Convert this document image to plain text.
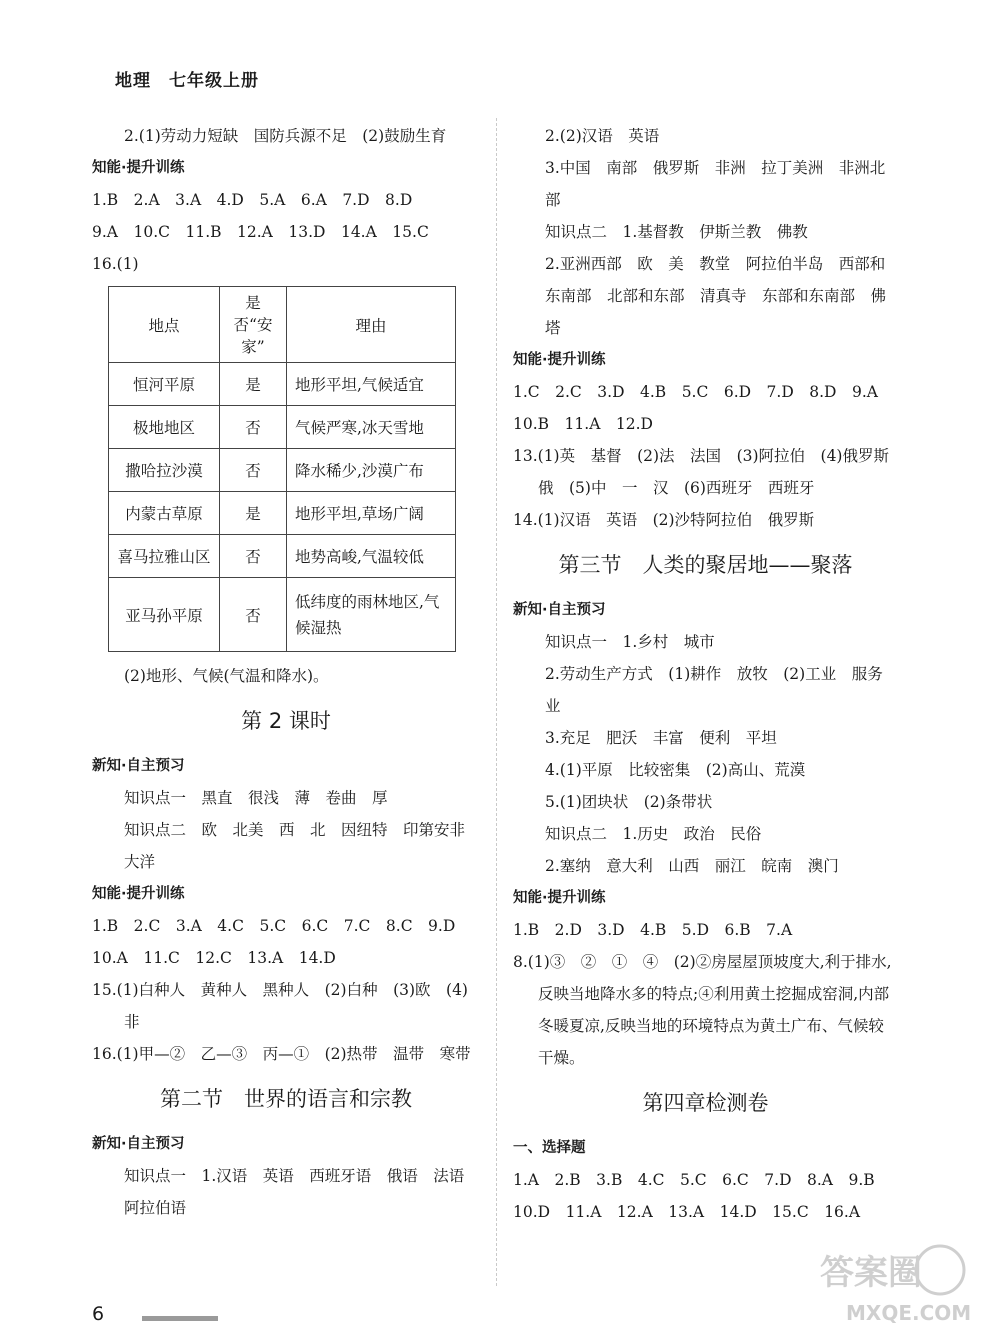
地理　七年级上册
2.(1)劳动力短缺　国防兵源不足　(2)鼓励生育
知能·提升训练
1.B　2.A　3.A　4.D　5.A　6.A　7.D　8.D
9.A　10.C　11.B　12.A　13.D　14.A　15.C
16.(1)
地点	是否“安家”	理由
恒河平原	是	地形平坦,气候适宜
极地地区	否	气候严寒,冰天雪地
撒哈拉沙漠	否	降水稀少,沙漠广布
内蒙古草原	是	地形平坦,草场广阔
喜马拉雅山区	否	地势高峻,气温较低
亚马孙平原	否	低纬度的雨林地区,气候湿热
(2)地形、气候(气温和降水)。
第 2 课时
新知·自主预习
知识点一　黑直　很浅　薄　卷曲　厚
知识点二　欧　北美　西　北　因纽特　印第安非　大洋
知能·提升训练
1.B　2.C　3.A　4.C　5.C　6.C　7.C　8.C　9.D
10.A　11.C　12.C　13.A　14.D
15.(1)白种人　黄种人　黑种人　(2)白种　(3)欧　(4)非
16.(1)甲—②　乙—③　丙—①　(2)热带　温带　寒带
第二节　世界的语言和宗教
新知·自主预习
知识点一　1.汉语　英语　西班牙语　俄语　法语　阿拉伯语
2.(2)汉语　英语
3.中国　南部　俄罗斯　非洲　拉丁美洲　非洲北部
知识点二　1.基督教　伊斯兰教　佛教
2.亚洲西部　欧　美　教堂　阿拉伯半岛　西部和东南部　北部和东部　清真寺　东部和东南部　佛塔
知能·提升训练
1.C　2.C　3.D　4.B　5.C　6.D　7.D　8.D　9.A
10.B　11.A　12.D
13.(1)英　基督　(2)法　法国　(3)阿拉伯　(4)俄罗斯　俄　(5)中　一　汉　(6)西班牙　西班牙
14.(1)汉语　英语　(2)沙特阿拉伯　俄罗斯
第三节　人类的聚居地——聚落
新知·自主预习
知识点一　1.乡村　城市
2.劳动生产方式　(1)耕作　放牧　(2)工业　服务业
3.充足　肥沃　丰富　便利　平坦
4.(1)平原　比较密集　(2)高山、荒漠
5.(1)团块状　(2)条带状
知识点二　1.历史　政治　民俗
2.塞纳　意大利　山西　丽江　皖南　澳门
知能·提升训练
1.B　2.D　3.D　4.B　5.D　6.B　7.A
8.(1)③　②　①　④　(2)②房屋屋顶坡度大,利于排水,反映当地降水多的特点;④利用黄土挖掘成窑洞,内部冬暖夏凉,反映当地的环境特点为黄土广布、气候较干燥。
第四章检测卷
一、选择题
1.A　2.B　3.B　4.C　5.C　6.C　7.D　8.A　9.B
10.D　11.A　12.A　13.A　14.D　15.C　16.A
6
答案圈
MXQE.COM
